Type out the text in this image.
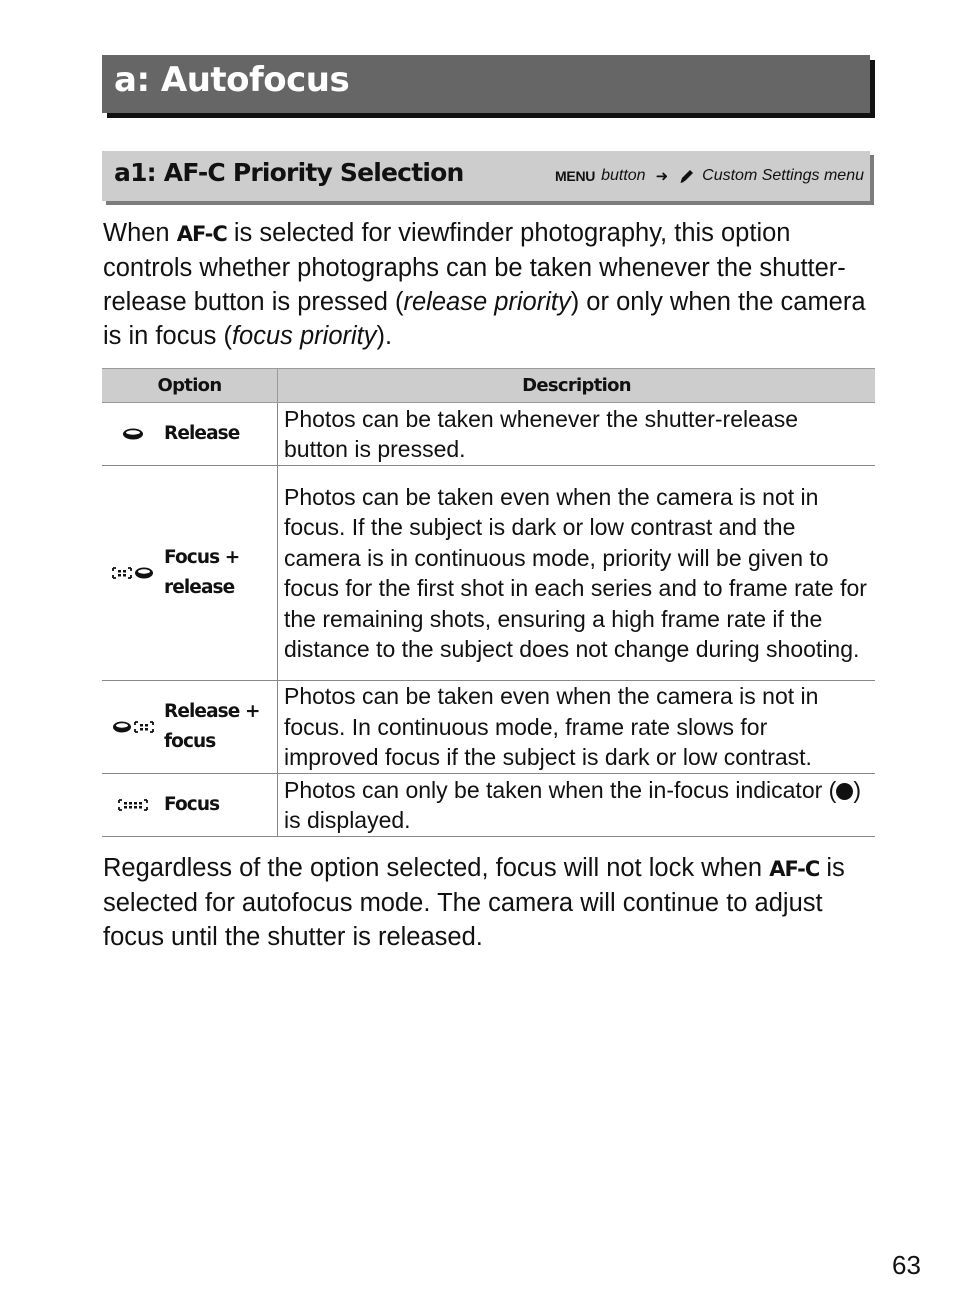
a: Autofocus
a1: AF-C Priority Selection	MENU button ➜ Custom Settings menu
When AF-C is selected for viewfinder photography, this option controls whether photographs can be taken whenever the shutter-release button is pressed (release priority) or only when the camera is in focus (focus priority).
Option	Description

Release	Photos can be taken whenever the shutter-release button is pressed.

Focus +
release	Photos can be taken even when the camera is not in focus. If the subject is dark or low contrast and the camera is in continuous mode, priority will be given to focus for the first shot in each series and to frame rate for the remaining shots, ensuring a high frame rate if the distance to the subject does not change during shooting.

Release +
focus	Photos can be taken even when the camera is not in focus. In continuous mode, frame rate slows for improved focus if the subject is dark or low contrast.

Focus	Photos can only be taken when the in-focus indicator ( ) is displayed.
Regardless of the option selected, focus will not lock when AF-C is selected for autofocus mode. The camera will continue to adjust focus until the shutter is released.
63
